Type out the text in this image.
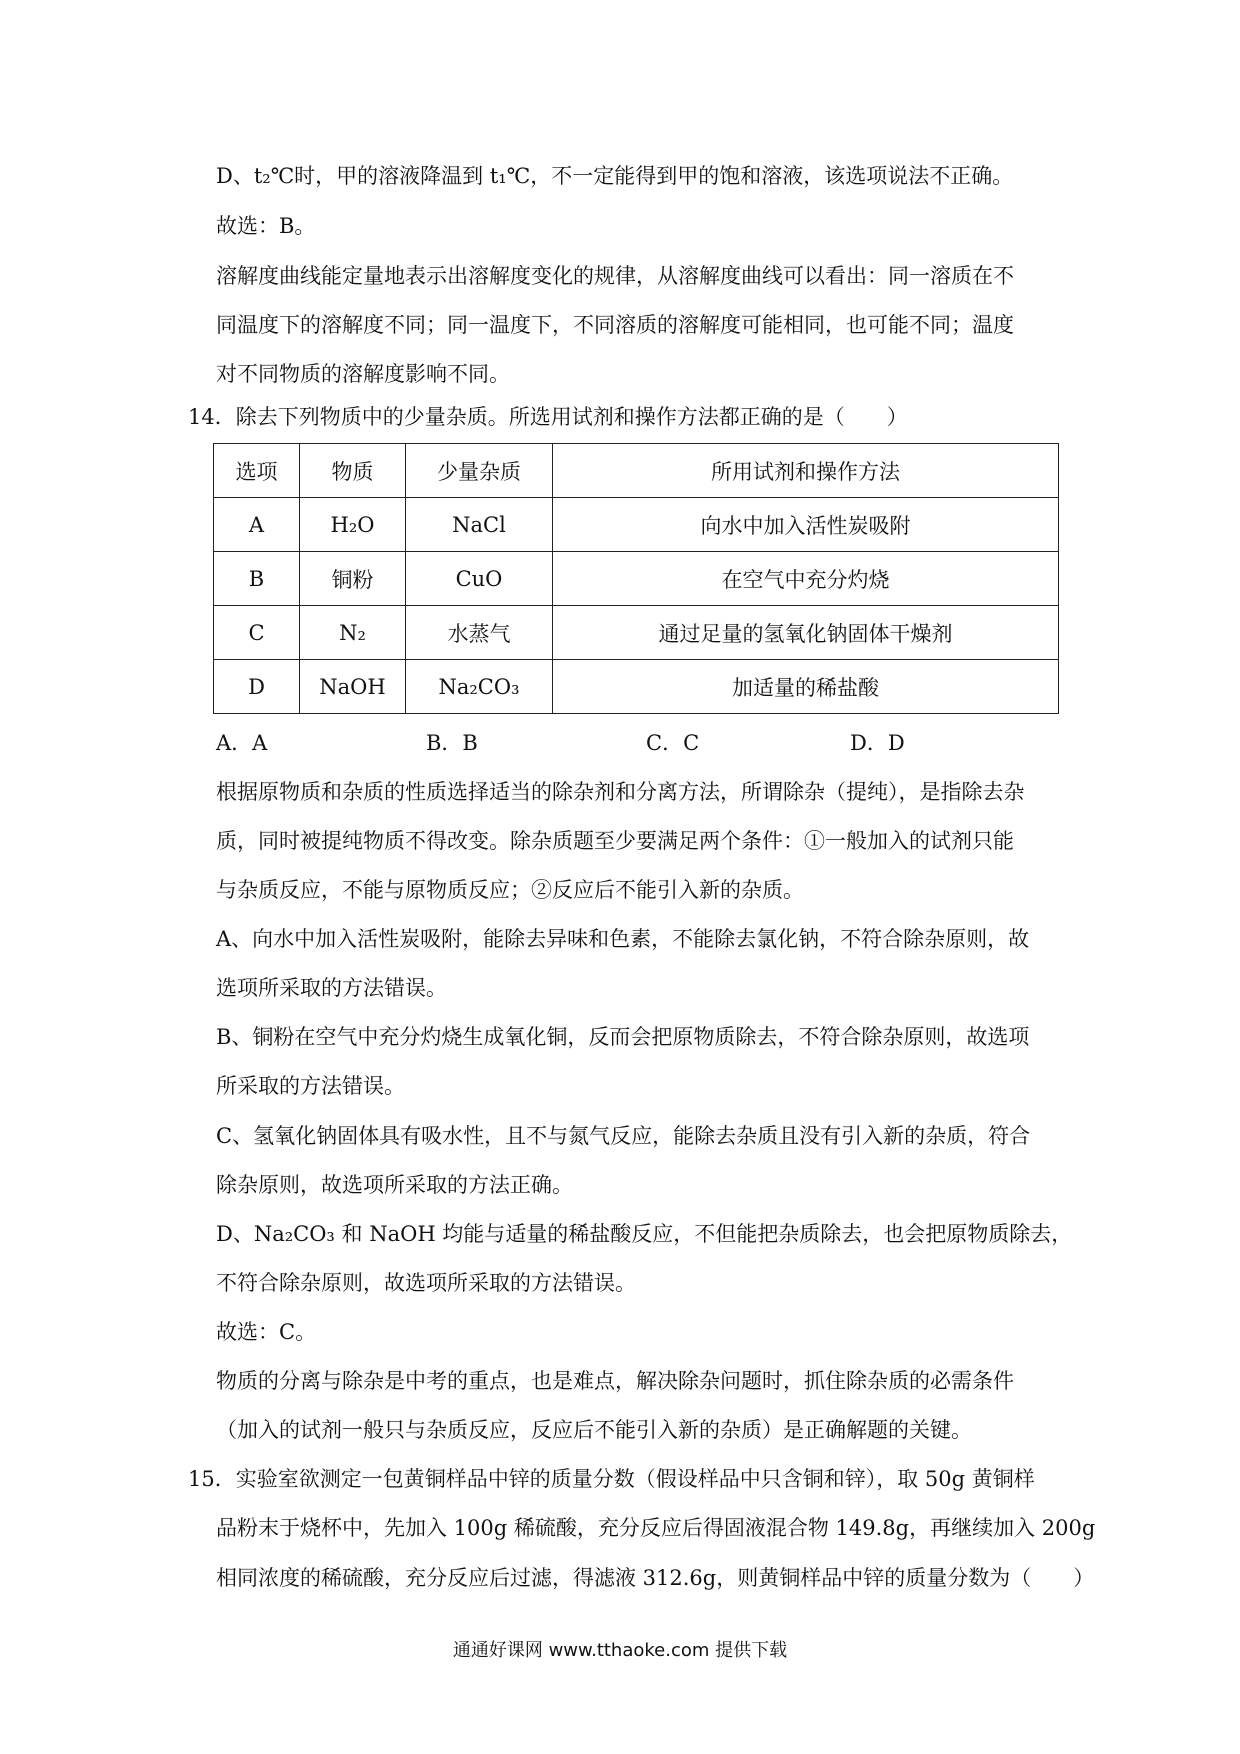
D、t₂℃时，甲的溶液降温到 t₁℃，不一定能得到甲的饱和溶液，该选项说法不正确。
故选：B。
溶解度曲线能定量地表示出溶解度变化的规律，从溶解度曲线可以看出：同一溶质在不
同温度下的溶解度不同；同一温度下，不同溶质的溶解度可能相同，也可能不同；温度
对不同物质的溶解度影响不同。
14．除去下列物质中的少量杂质。所选用试剂和操作方法都正确的是（　　）
选项	物质	少量杂质	所用试剂和操作方法
A	H₂O	NaCl	向水中加入活性炭吸附
B	铜粉	CuO	在空气中充分灼烧
C	N₂	水蒸气	通过足量的氢氧化钠固体干燥剂
D	NaOH	Na₂CO₃	加适量的稀盐酸
A．A	B．B	C．C	D．D
根据原物质和杂质的性质选择适当的除杂剂和分离方法，所谓除杂（提纯），是指除去杂
质，同时被提纯物质不得改变。除杂质题至少要满足两个条件：①一般加入的试剂只能
与杂质反应，不能与原物质反应；②反应后不能引入新的杂质。
A、向水中加入活性炭吸附，能除去异味和色素，不能除去氯化钠，不符合除杂原则，故
选项所采取的方法错误。
B、铜粉在空气中充分灼烧生成氧化铜，反而会把原物质除去，不符合除杂原则，故选项
所采取的方法错误。
C、氢氧化钠固体具有吸水性，且不与氮气反应，能除去杂质且没有引入新的杂质，符合
除杂原则，故选项所采取的方法正确。
D、Na₂CO₃ 和 NaOH 均能与适量的稀盐酸反应，不但能把杂质除去，也会把原物质除去，
不符合除杂原则，故选项所采取的方法错误。
故选：C。
物质的分离与除杂是中考的重点，也是难点，解决除杂问题时，抓住除杂质的必需条件
（加入的试剂一般只与杂质反应，反应后不能引入新的杂质）是正确解题的关键。
15．实验室欲测定一包黄铜样品中锌的质量分数（假设样品中只含铜和锌），取 50g 黄铜样
品粉末于烧杯中，先加入 100g 稀硫酸，充分反应后得固液混合物 149.8g，再继续加入 200g
相同浓度的稀硫酸，充分反应后过滤，得滤液 312.6g，则黄铜样品中锌的质量分数为（　　）
通通好课网 www.tthaoke.com 提供下载
